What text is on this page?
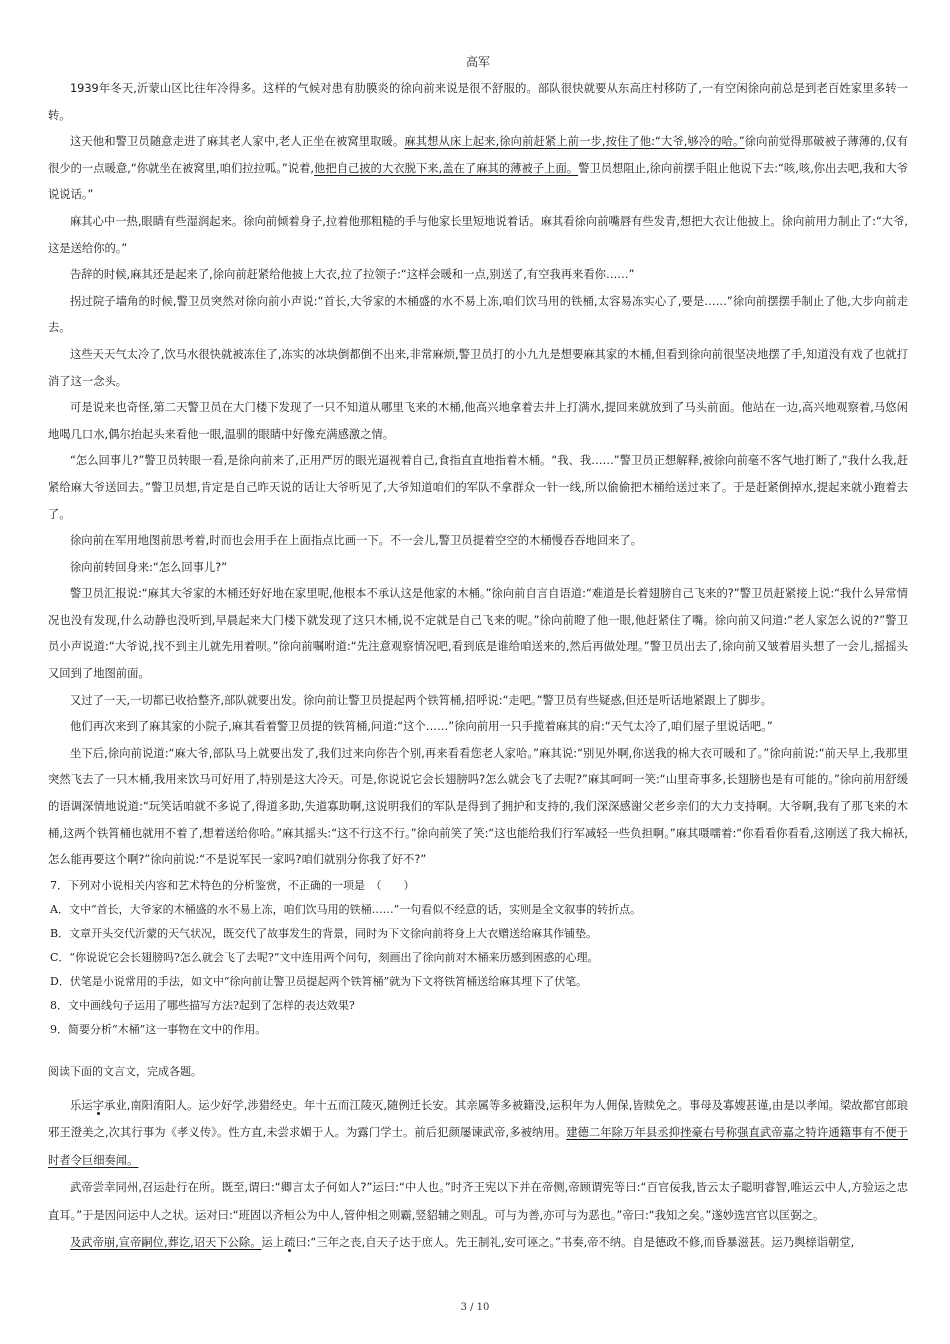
高军

1939年冬天,沂蒙山区比往年冷得多。这样的气候对患有肋膜炎的徐向前来说是很不舒服的。部队很快就要从东高庄村移防了,一有空闲徐向前总是到老百姓家里多转一转。

这天他和警卫员随意走进了麻其老人家中,老人正坐在被窝里取暖。麻其想从床上起来,徐向前赶紧上前一步,按住了他:“大爷,够冷的哈。”徐向前觉得那破被子薄薄的,仅有很少的一点暖意,“你就坐在被窝里,咱们拉拉呱。”说着,他把自己披的大衣脱下来,盖在了麻其的薄被子上面。警卫员想阻止,徐向前摆手阻止他说下去:“咳,咳,你出去吧,我和大爷说说话。”

麻其心中一热,眼睛有些湿润起来。徐向前倾着身子,拉着他那粗糙的手与他家长里短地说着话。麻其看徐向前嘴唇有些发青,想把大衣让他披上。徐向前用力制止了:“大爷,这是送给你的。”

告辞的时候,麻其还是起来了,徐向前赶紧给他披上大衣,拉了拉领子:“这样会暖和一点,别送了,有空我再来看你……”

拐过院子墙角的时候,警卫员突然对徐向前小声说:“首长,大爷家的木桶盛的水不易上冻,咱们饮马用的铁桶,太容易冻实心了,要是……”徐向前摆摆手制止了他,大步向前走去。

这些天天气太冷了,饮马水很快就被冻住了,冻实的冰块倒都倒不出来,非常麻烦,警卫员打的小九九是想要麻其家的木桶,但看到徐向前很坚决地摆了手,知道没有戏了也就打消了这一念头。

可是说来也奇怪,第二天警卫员在大门楼下发现了一只不知道从哪里飞来的木桶,他高兴地拿着去井上打满水,提回来就放到了马头前面。他站在一边,高兴地观察着,马悠闲地喝几口水,偶尔抬起头来看他一眼,温驯的眼睛中好像充满感激之情。

“怎么回事儿?”警卫员转眼一看,是徐向前来了,正用严厉的眼光逼视着自己,食指直直地指着木桶。“我、我……”警卫员正想解释,被徐向前毫不客气地打断了,“我什么我,赶紧给麻大爷送回去。”警卫员想,肯定是自己昨天说的话让大爷听见了,大爷知道咱们的军队不拿群众一针一线,所以偷偷把木桶给送过来了。于是赶紧倒掉水,提起来就小跑着去了。

徐向前在军用地图前思考着,时而也会用手在上面指点比画一下。不一会儿,警卫员提着空空的木桶慢吞吞地回来了。

徐向前转回身来:“怎么回事儿?”

警卫员汇报说:“麻其大爷家的木桶还好好地在家里呢,他根本不承认这是他家的木桶。”徐向前自言自语道:“难道是长着翅膀自己飞来的?”警卫员赶紧接上说:“我什么异常情况也没有发现,什么动静也没听到,早晨起来大门楼下就发现了这只木桶,说不定就是自己飞来的呢。”徐向前瞪了他一眼,他赶紧住了嘴。徐向前又问道:“老人家怎么说的?”警卫员小声说道:“大爷说,找不到主儿就先用着呗。”徐向前嘱咐道:“先注意观察情况吧,看到底是谁给咱送来的,然后再做处理。”警卫员出去了,徐向前又皱着眉头想了一会儿,摇摇头又回到了地图前面。

又过了一天,一切都已收拾整齐,部队就要出发。徐向前让警卫员提起两个铁筲桶,招呼说:“走吧。”警卫员有些疑惑,但还是听话地紧跟上了脚步。

他们再次来到了麻其家的小院子,麻其看着警卫员提的铁筲桶,问道:“这个……”徐向前用一只手揽着麻其的肩:“天气太冷了,咱们屋子里说话吧。”

坐下后,徐向前说道:“麻大爷,部队马上就要出发了,我们过来向你告个别,再来看看您老人家哈。”麻其说:“别见外啊,你送我的棉大衣可暖和了。”徐向前说:“前天早上,我那里突然飞去了一只木桶,我用来饮马可好用了,特别是这大冷天。可是,你说说它会长翅膀吗?怎么就会飞了去呢?”麻其呵呵一笑:“山里奇事多,长翅膀也是有可能的。”徐向前用舒缓的语调深情地说道:“玩笑话咱就不多说了,得道多助,失道寡助啊,这说明我们的军队是得到了拥护和支持的,我们深深感谢父老乡亲们的大力支持啊。大爷啊,我有了那飞来的木桶,这两个铁筲桶也就用不着了,想着送给你哈。”麻其摇头:“这不行这不行。”徐向前笑了笑:“这也能给我们行军减轻一些负担啊。”麻其嗫嚅着:“你看看你看看,这刚送了我大棉袄,怎么能再要这个啊?”徐向前说:“不是说军民一家吗?咱们就别分你我了好不?”

7．下列对小说相关内容和艺术特色的分析鉴赏，不正确的一项是　（　　）

A．文中“首长，大爷家的木桶盛的水不易上冻，咱们饮马用的铁桶……”一句看似不经意的话，实则是全文叙事的转折点。

B．文章开头交代沂蒙的天气状况，既交代了故事发生的背景，同时为下文徐向前将身上大衣赠送给麻其作铺垫。

C．“你说说它会长翅膀吗?怎么就会飞了去呢?”文中连用两个问句，刻画出了徐向前对木桶来历感到困惑的心理。

D．伏笔是小说常用的手法，如文中“徐向前让警卫员提起两个铁筲桶”就为下文将铁筲桶送给麻其埋下了伏笔。

8．文中画线句子运用了哪些描写方法?起到了怎样的表达效果?

9．简要分析“木桶”这一事物在文中的作用。

阅读下面的文言文，完成各题。

乐运字承业,南阳淯阳人。运少好学,涉猎经史。年十五而江陵灭,随例迁长安。其亲属等多被籍没,运积年为人佣保,皆赎免之。事母及寡嫂甚谨,由是以孝闻。梁故都官郎琅邪王澄美之,次其行事为《孝义传》。性方直,未尝求媚于人。为露门学士。前后犯颜屡谏武帝,多被纳用。建德二年除万年县丞抑挫豪右号称强直武帝嘉之特许通籍事有不便于时者令巨细奏闻。

武帝尝幸同州,召运赴行在所。既至,谓曰:“卿言太子何如人?”运曰:“中人也。”时齐王宪以下并在帝侧,帝顾谓宪等曰:“百官佞我,皆云太子聪明睿智,唯运云中人,方验运之忠直耳。”于是因问运中人之状。运对曰:“班固以齐桓公为中人,管仲相之则霸,竖貂辅之则乱。可与为善,亦可与为恶也。”帝曰:“我知之矣。”遂妙选宫官以匡弼之。

及武帝崩,宣帝嗣位,葬讫,诏天下公除。运上疏曰:“三年之丧,自天子达于庶人。先王制礼,安可诬之。”书奏,帝不纳。自是德政不修,而昏暴滋甚。运乃舆榇诣朝堂,

3 / 10
